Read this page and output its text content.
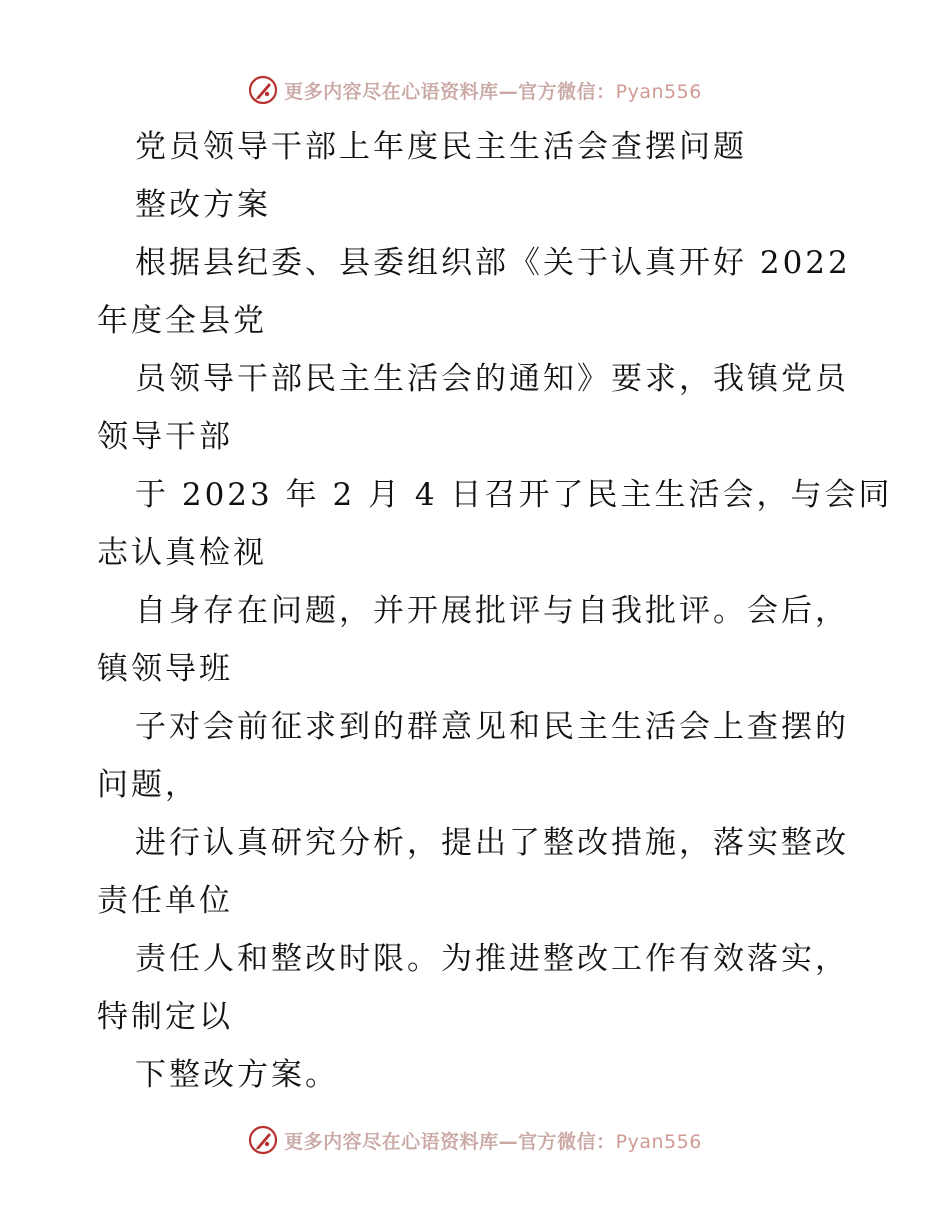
更多内容尽在心语资料库—官方微信：Pyan556
党员领导干部上年度民主生活会查摆问题
整改方案
根据县纪委、县委组织部《关于认真开好 2022
年度全县党
员领导干部民主生活会的通知》要求，我镇党员
领导干部
于 2023 年 2 月 4 日召开了民主生活会，与会同
志认真检视
自身存在问题，并开展批评与自我批评。会后，
镇领导班
子对会前征求到的群意见和民主生活会上查摆的
问题，
进行认真研究分析，提出了整改措施，落实整改
责任单位
责任人和整改时限。为推进整改工作有效落实，
特制定以
下整改方案。
更多内容尽在心语资料库—官方微信：Pyan556
